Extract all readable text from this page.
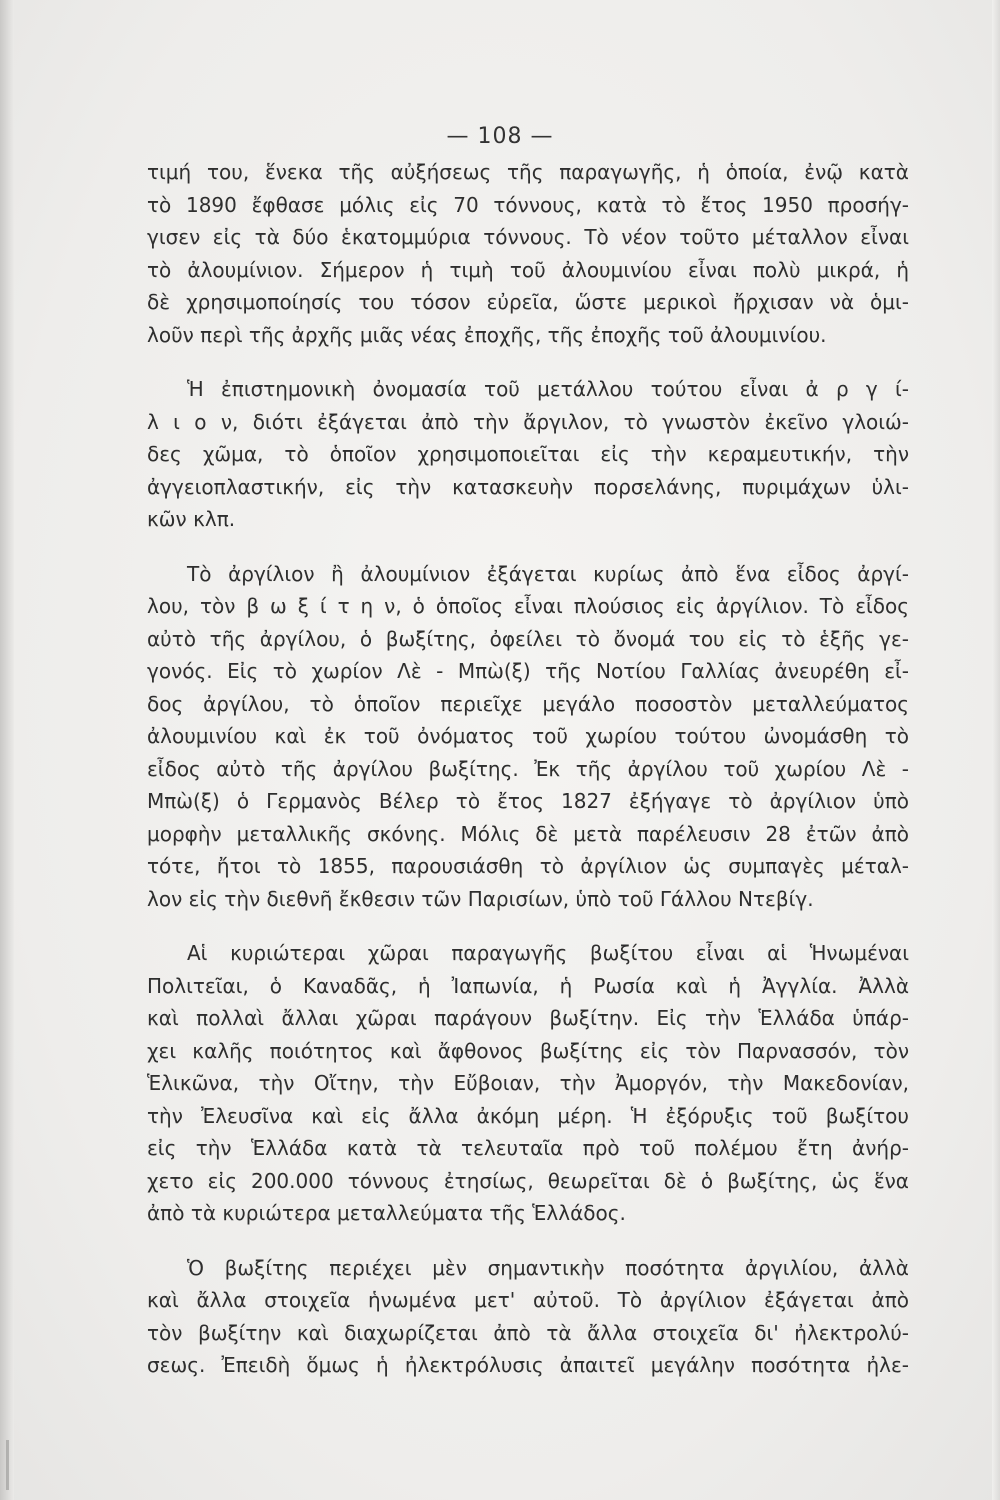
— 108 —

τιμή του, ἕνεκα τῆς αὐξήσεως τῆς παραγωγῆς, ἡ ὁποία, ἐνῷ κατὰ
τὸ 1890 ἔφθασε μόλις εἰς 70 τόννους, κατὰ τὸ ἔτος 1950 προσήγ-
γισεν εἰς τὰ δύο ἑκατομμύρια τόννους. Τὸ νέον τοῦτο μέταλλον εἶναι
τὸ ἀλουμίνιον. Σήμερον ἡ τιμὴ τοῦ ἀλουμινίου εἶναι πολὺ μικρά, ἡ
δὲ χρησιμοποίησίς του τόσον εὐρεῖα, ὥστε μερικοὶ ἤρχισαν νὰ ὁμι-
λοῦν περὶ τῆς ἀρχῆς μιᾶς νέας ἐποχῆς, τῆς ἐποχῆς τοῦ ἀλουμινίου.

Ἡ ἐπιστημονικὴ ὀνομασία τοῦ μετάλλου τούτου εἶναι ἀ ρ γ ί-
λ ι ο ν, διότι ἐξάγεται ἀπὸ τὴν ἄργιλον, τὸ γνωστὸν ἐκεῖνο γλοιώ-
δες χῶμα, τὸ ὁποῖον χρησιμοποιεῖται εἰς τὴν κεραμευτικήν, τὴν
ἀγγειοπλαστικήν, εἰς τὴν κατασκευὴν πορσελάνης, πυριμάχων ὑλι-
κῶν κλπ.

Τὸ ἀργίλιον ἢ ἀλουμίνιον ἐξάγεται κυρίως ἀπὸ ἕνα εἶδος ἀργί-
λου, τὸν β ω ξ ί τ η ν, ὁ ὁποῖος εἶναι πλούσιος εἰς ἀργίλιον. Τὸ εἶδος
αὐτὸ τῆς ἀργίλου, ὁ βωξίτης, ὀφείλει τὸ ὄνομά του εἰς τὸ ἑξῆς γε-
γονός. Εἰς τὸ χωρίον Λὲ - Μπὼ(ξ) τῆς Νοτίου Γαλλίας ἀνευρέθη εἶ-
δος ἀργίλου, τὸ ὁποῖον περιεῖχε μεγάλο ποσοστὸν μεταλλεύματος
ἀλουμινίου καὶ ἐκ τοῦ ὀνόματος τοῦ χωρίου τούτου ὠνομάσθη τὸ
εἶδος αὐτὸ τῆς ἀργίλου βωξίτης. Ἐκ τῆς ἀργίλου τοῦ χωρίου Λὲ -
Μπὼ(ξ) ὁ Γερμανὸς Βέλερ τὸ ἔτος 1827 ἐξήγαγε τὸ ἀργίλιον ὑπὸ
μορφὴν μεταλλικῆς σκόνης. Μόλις δὲ μετὰ παρέλευσιν 28 ἐτῶν ἀπὸ
τότε, ἤτοι τὸ 1855, παρουσιάσθη τὸ ἀργίλιον ὡς συμπαγὲς μέταλ-
λον εἰς τὴν διεθνῆ ἔκθεσιν τῶν Παρισίων, ὑπὸ τοῦ Γάλλου Ντεβίγ.

Αἱ κυριώτεραι χῶραι παραγωγῆς βωξίτου εἶναι αἱ Ἡνωμέναι
Πολιτεῖαι, ὁ Καναδᾶς, ἡ Ἰαπωνία, ἡ Ρωσία καὶ ἡ Ἀγγλία. Ἀλλὰ
καὶ πολλαὶ ἄλλαι χῶραι παράγουν βωξίτην. Εἰς τὴν Ἑλλάδα ὑπάρ-
χει καλῆς ποιότητος καὶ ἄφθονος βωξίτης εἰς τὸν Παρνασσόν, τὸν
Ἑλικῶνα, τὴν Οἴτην, τὴν Εὔβοιαν, τὴν Ἀμοργόν, τὴν Μακεδονίαν,
τὴν Ἐλευσῖνα καὶ εἰς ἄλλα ἀκόμη μέρη. Ἡ ἐξόρυξις τοῦ βωξίτου
εἰς τὴν Ἑλλάδα κατὰ τὰ τελευταῖα πρὸ τοῦ πολέμου ἔτη ἀνήρ-
χετο εἰς 200.000 τόννους ἐτησίως, θεωρεῖται δὲ ὁ βωξίτης, ὡς ἕνα
ἀπὸ τὰ κυριώτερα μεταλλεύματα τῆς Ἑλλάδος.

Ὁ βωξίτης περιέχει μὲν σημαντικὴν ποσότητα ἀργιλίου, ἀλλὰ
καὶ ἄλλα στοιχεῖα ἡνωμένα μετ' αὐτοῦ. Τὸ ἀργίλιον ἐξάγεται ἀπὸ
τὸν βωξίτην καὶ διαχωρίζεται ἀπὸ τὰ ἄλλα στοιχεῖα δι' ἠλεκτρολύ-
σεως. Ἐπειδὴ ὅμως ἡ ἠλεκτρόλυσις ἀπαιτεῖ μεγάλην ποσότητα ἠλε-
